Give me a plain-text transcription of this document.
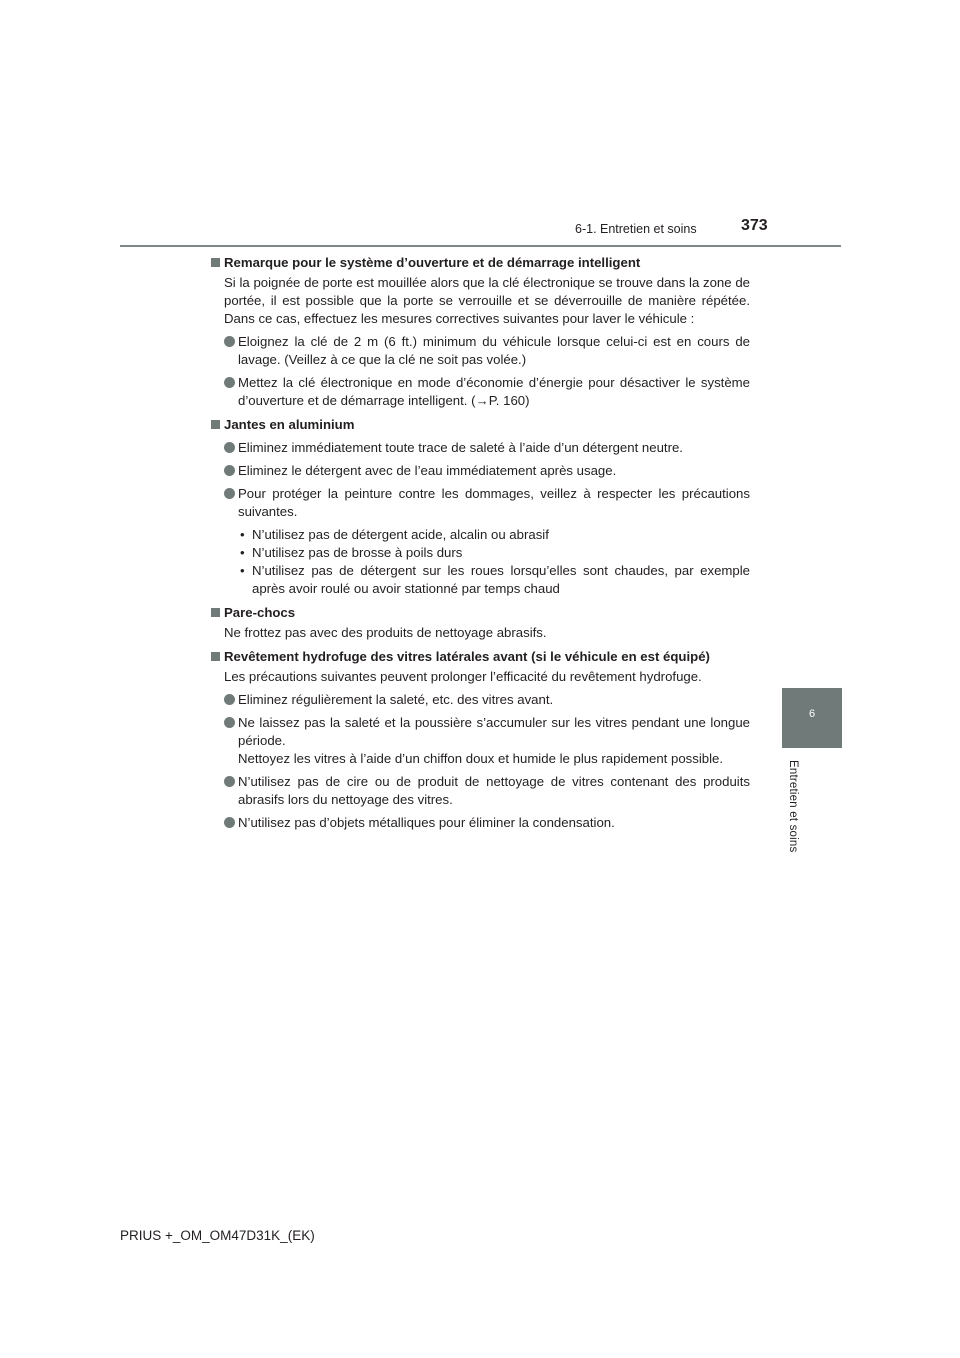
6-1. Entretien et soins	373
6
Entretien et soins
Remarque pour le système d’ouverture et de démarrage intelligent
Si la poignée de porte est mouillée alors que la clé électronique se trouve dans la zone de portée, il est possible que la porte se verrouille et se déverrouille de manière répétée. Dans ce cas, effectuez les mesures correctives suivantes pour laver le véhicule :
Eloignez la clé de 2 m (6 ft.) minimum du véhicule lorsque celui-ci est en cours de lavage. (Veillez à ce que la clé ne soit pas volée.)
Mettez la clé électronique en mode d’économie d’énergie pour désactiver le système d’ouverture et de démarrage intelligent. (→P. 160)
Jantes en aluminium
Eliminez immédiatement toute trace de saleté à l’aide d’un détergent neutre.
Eliminez le détergent avec de l’eau immédiatement après usage.
Pour protéger la peinture contre les dommages, veillez à respecter les précautions suivantes.
• N’utilisez pas de détergent acide, alcalin ou abrasif
• N’utilisez pas de brosse à poils durs
• N’utilisez pas de détergent sur les roues lorsqu’elles sont chaudes, par exemple après avoir roulé ou avoir stationné par temps chaud
Pare-chocs
Ne frottez pas avec des produits de nettoyage abrasifs.
Revêtement hydrofuge des vitres latérales avant (si le véhicule en est équipé)
Les précautions suivantes peuvent prolonger l’efficacité du revêtement hydrofuge.
Eliminez régulièrement la saleté, etc. des vitres avant.
Ne laissez pas la saleté et la poussière s’accumuler sur les vitres pendant une longue période.
Nettoyez les vitres à l’aide d’un chiffon doux et humide le plus rapidement possible.
N’utilisez pas de cire ou de produit de nettoyage de vitres contenant des produits abrasifs lors du nettoyage des vitres.
N’utilisez pas d’objets métalliques pour éliminer la condensation.
PRIUS +_OM_OM47D31K_(EK)
